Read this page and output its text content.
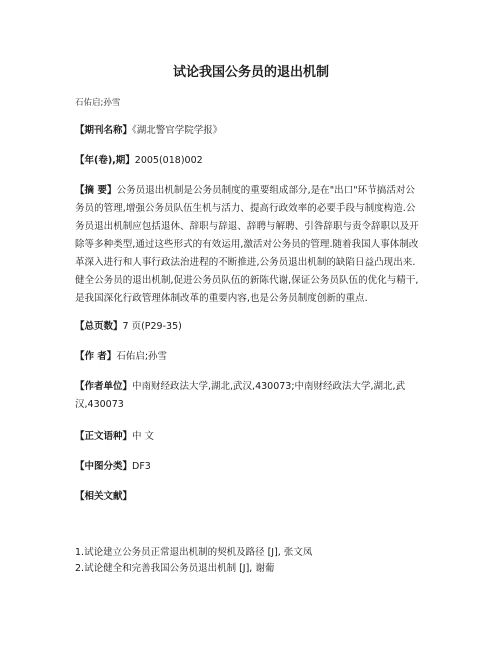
试论我国公务员的退出机制
石佑启;孙雪
【期刊名称】《湖北警官学院学报》
【年(卷),期】2005(018)002
【摘 要】公务员退出机制是公务员制度的重要组成部分,是在"出口"环节搞活对公
务员的管理,增强公务员队伍生机与活力、提高行政效率的必要手段与制度构造.公
务员退出机制应包括退休、辞职与辞退、辞聘与解聘、引咎辞职与责令辞职以及开
除等多种类型,通过这些形式的有效运用,激活对公务员的管理.随着我国人事体制改
革深入进行和人事行政法治进程的不断推进,公务员退出机制的缺陷日益凸现出来.
健全公务员的退出机制,促进公务员队伍的新陈代谢,保证公务员队伍的优化与精干,
是我国深化行政管理体制改革的重要内容,也是公务员制度创新的重点.
【总页数】7 页(P29-35)
【作 者】石佑启;孙雪
【作者单位】中南财经政法大学,湖北,武汉,430073;中南财经政法大学,湖北,武
汉,430073
【正文语种】中 文
【中图分类】DF3
【相关文献】
1.试论建立公务员正常退出机制的契机及路径 [J], 张文凤
2.试论健全和完善我国公务员退出机制 [J], 谢葡
